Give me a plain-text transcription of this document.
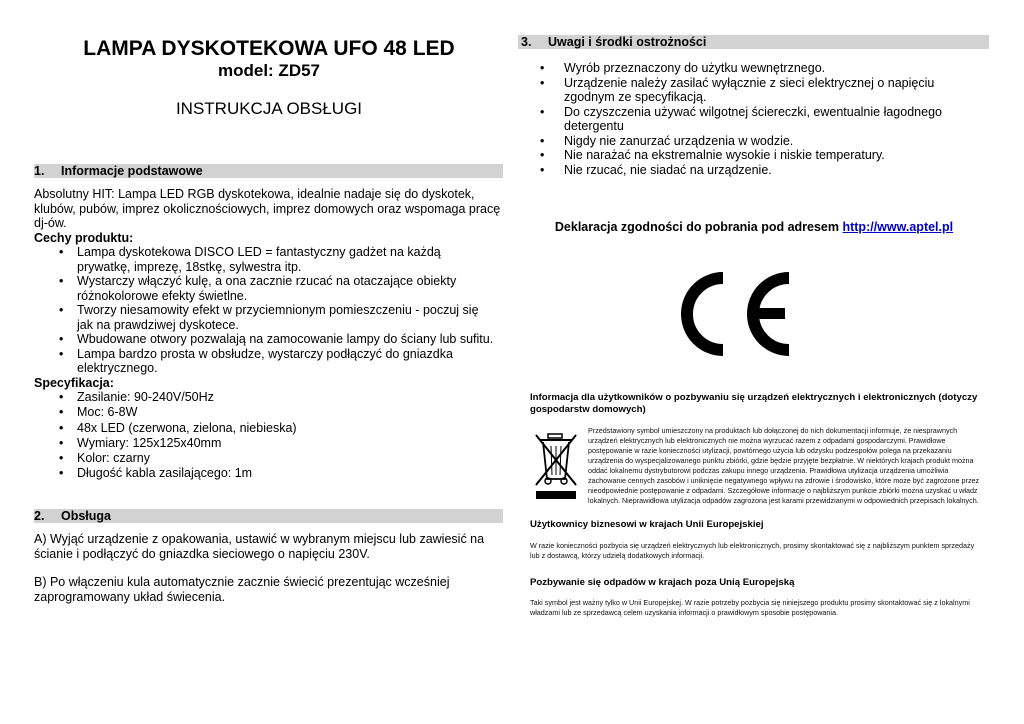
LAMPA DYSKOTEKOWA UFO 48 LED
model: ZD57
INSTRUKCJA OBSŁUGI
1. Informacje podstawowe
Absolutny HIT: Lampa LED RGB dyskotekowa, idealnie nadaje się do dyskotek, klubów, pubów, imprez okolicznościowych, imprez domowych oraz wspomaga pracę dj-ów.
Cechy produktu:
• Lampa dyskotekowa DISCO LED = fantastyczny gadżet na każdą prywatkę, imprezę, 18stkę, sylwestra itp.
• Wystarczy włączyć kulę, a ona zacznie rzucać na otaczające obiekty różnokolorowe efekty świetlne.
• Tworzy niesamowity efekt w przyciemnionym pomieszczeniu - poczuj się jak na prawdziwej dyskotece.
• Wbudowane otwory pozwalają na zamocowanie lampy do ściany lub sufitu.
• Lampa bardzo prosta w obsłudze, wystarczy podłączyć do gniazdka elektrycznego.
Specyfikacja:
• Zasilanie: 90-240V/50Hz
• Moc: 6-8W
• 48x LED (czerwona, zielona, niebieska)
• Wymiary: 125x125x40mm
• Kolor: czarny
• Długość kabla zasilającego: 1m
2. Obsługa
A) Wyjąć urządzenie z opakowania, ustawić w wybranym miejscu lub zawiesić na ścianie i podłączyć do gniazdka sieciowego o napięciu 230V.
B) Po włączeniu kula automatycznie zacznie świecić prezentując wcześniej zaprogramowany układ świecenia.
3. Uwagi i środki ostrożności
• Wyrób przeznaczony do użytku wewnętrznego.
• Urządzenie należy zasilać wyłącznie z sieci elektrycznej o napięciu zgodnym ze specyfikacją.
• Do czyszczenia używać wilgotnej ściereczki, ewentualnie łagodnego detergentu
• Nigdy nie zanurzać urządzenia w wodzie.
• Nie narażać na ekstremalnie wysokie i niskie temperatury.
• Nie rzucać, nie siadać na urządzenie.
Deklaracja zgodności do pobrania pod adresem http://www.aptel.pl
Informacja dla użytkowników o pozbywaniu się urządzeń elektrycznych i elektronicznych (dotyczy gospodarstw domowych)
Przedstawiony symbol umieszczony na produktach lub dołączonej do nich dokumentacji informuje, że niesprawnych urządzeń elektrycznych lub elektronicznych nie można wyrzucać razem z odpadami gospodarczymi. Prawidłowe postępowanie w razie konieczności utylizacji, powtórnego użycia lub odzysku podzespołów polega na przekazaniu urządzenia do wyspecjalizowanego punktu zbiórki, gdzie będzie przyjęte bezpłatnie. W niektórych krajach produkt można oddać lokalnemu dystrybutorowi podczas zakupu innego urządzenia. Prawidłowa utylizacja urządzenia umożliwia zachowanie cennych zasobów i uniknięcie negatywnego wpływu na zdrowie i środowisko, które może być zagrożone przez nieodpowiednie postępowanie z odpadami. Szczegółowe informacje o najbliższym punkcie zbiórki można uzyskać u władz lokalnych. Nieprawidłowa utylizacja odpadów zagrożona jest karami przewidzianymi w odpowiednich przepisach lokalnych.
Użytkownicy biznesowi w krajach Unii Europejskiej
W razie konieczności pozbycia się urządzeń elektrycznych lub elektronicznych, prosimy skontaktować się z najbliższym punktem sprzedaży lub z dostawcą, którzy udzielą dodatkowych informacji.
Pozbywanie się odpadów w krajach poza Unią Europejską
Taki symbol jest ważny tylko w Unii Europejskej. W razie potrzeby pozbycia się niniejszego produktu prosimy skontaktować się z lokalnymi władzami lub ze sprzedawcą celem uzyskania informacji o prawidłowym sposobie postępowania.
